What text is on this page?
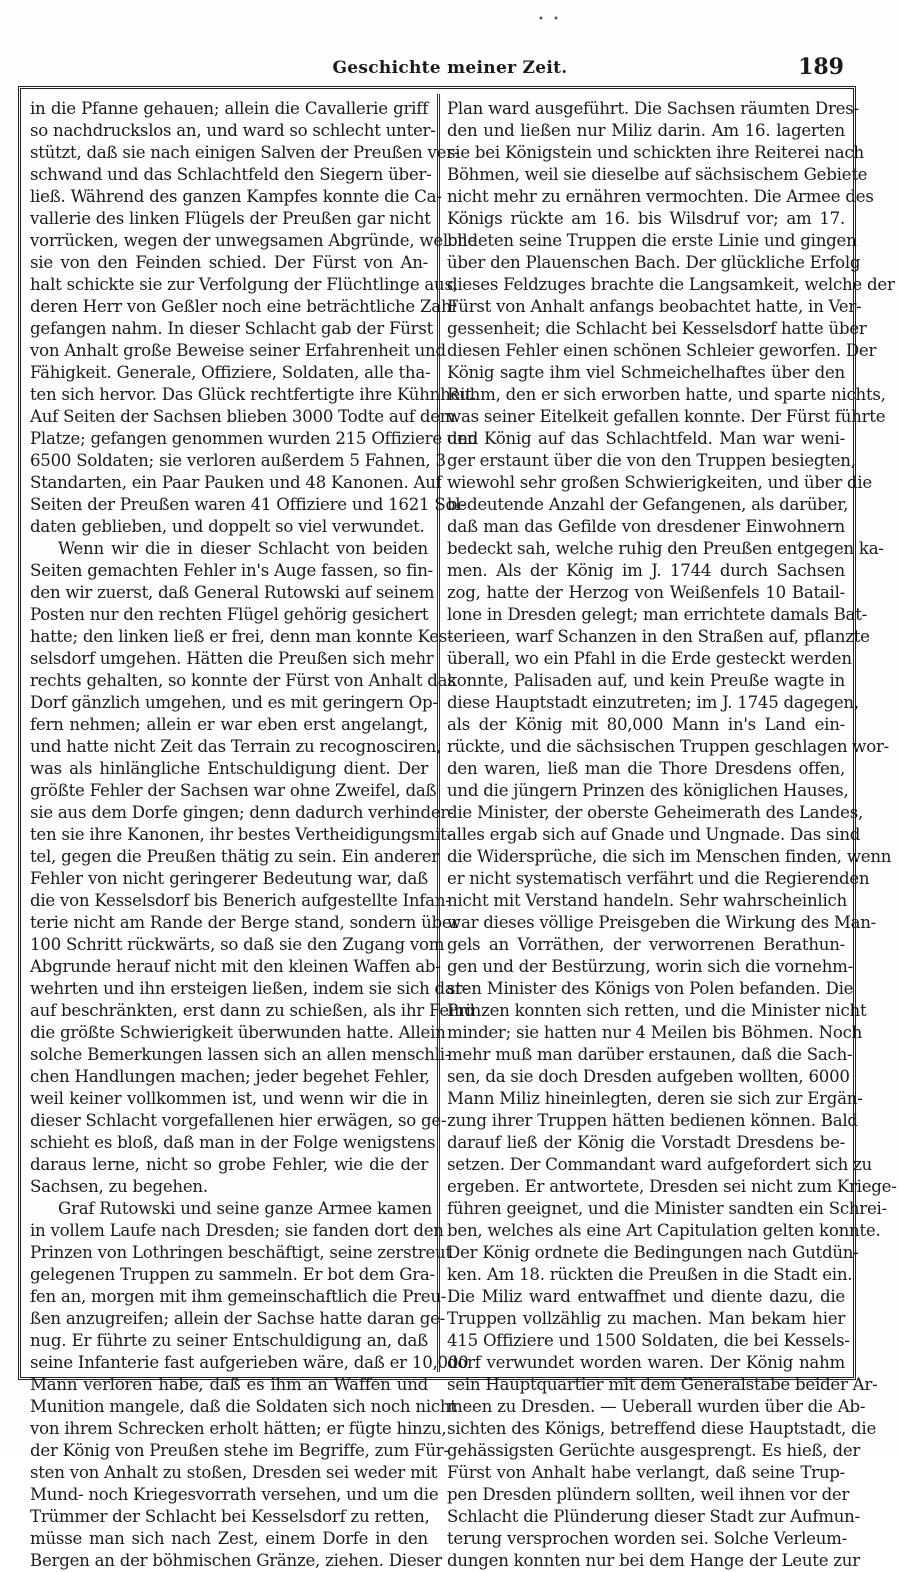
• •
Geschichte meiner Zeit.	189
in die Pfanne gehauen; allein die Cavallerie griff
so nachdruckslos an, und ward so schlecht unter-
stützt, daß sie nach einigen Salven der Preußen ver-
schwand und das Schlachtfeld den Siegern über-
ließ. Während des ganzen Kampfes konnte die Ca-
vallerie des linken Flügels der Preußen gar nicht
vorrücken, wegen der unwegsamen Abgründe, welche
sie von den Feinden schied. Der Fürst von An-
halt schickte sie zur Verfolgung der Flüchtlinge aus,
deren Herr von Geßler noch eine beträchtliche Zahl
gefangen nahm. In dieser Schlacht gab der Fürst
von Anhalt große Beweise seiner Erfahrenheit und
Fähigkeit. Generale, Offiziere, Soldaten, alle tha-
ten sich hervor. Das Glück rechtfertigte ihre Kühnheit.
Auf Seiten der Sachsen blieben 3000 Todte auf dem
Platze; gefangen genommen wurden 215 Offiziere und
6500 Soldaten; sie verloren außerdem 5 Fahnen, 3
Standarten, ein Paar Pauken und 48 Kanonen. Auf
Seiten der Preußen waren 41 Offiziere und 1621 Sol-
daten geblieben, und doppelt so viel verwundet.
Wenn wir die in dieser Schlacht von beiden
Seiten gemachten Fehler in's Auge fassen, so fin-
den wir zuerst, daß General Rutowski auf seinem
Posten nur den rechten Flügel gehörig gesichert
hatte; den linken ließ er frei, denn man konnte Kes-
selsdorf umgehen. Hätten die Preußen sich mehr
rechts gehalten, so konnte der Fürst von Anhalt das
Dorf gänzlich umgehen, und es mit geringern Op-
fern nehmen; allein er war eben erst angelangt,
und hatte nicht Zeit das Terrain zu recognosciren,
was als hinlängliche Entschuldigung dient. Der
größte Fehler der Sachsen war ohne Zweifel, daß
sie aus dem Dorfe gingen; denn dadurch verhinder-
ten sie ihre Kanonen, ihr bestes Vertheidigungsmit-
tel, gegen die Preußen thätig zu sein. Ein anderer
Fehler von nicht geringerer Bedeutung war, daß
die von Kesselsdorf bis Benerich aufgestellte Infan-
terie nicht am Rande der Berge stand, sondern über
100 Schritt rückwärts, so daß sie den Zugang vom
Abgrunde herauf nicht mit den kleinen Waffen ab-
wehrten und ihn ersteigen ließen, indem sie sich dar-
auf beschränkten, erst dann zu schießen, als ihr Feind
die größte Schwierigkeit überwunden hatte. Allein
solche Bemerkungen lassen sich an allen menschli-
chen Handlungen machen; jeder begehet Fehler,
weil keiner vollkommen ist, und wenn wir die in
dieser Schlacht vorgefallenen hier erwägen, so ge-
schieht es bloß, daß man in der Folge wenigstens
daraus lerne, nicht so grobe Fehler, wie die der
Sachsen, zu begehen.
Graf Rutowski und seine ganze Armee kamen
in vollem Laufe nach Dresden; sie fanden dort den
Prinzen von Lothringen beschäftigt, seine zerstreut
gelegenen Truppen zu sammeln. Er bot dem Gra-
fen an, morgen mit ihm gemeinschaftlich die Preu-
ßen anzugreifen; allein der Sachse hatte daran ge-
nug. Er führte zu seiner Entschuldigung an, daß
seine Infanterie fast aufgerieben wäre, daß er 10,000
Mann verloren habe, daß es ihm an Waffen und
Munition mangele, daß die Soldaten sich noch nicht
von ihrem Schrecken erholt hätten; er fügte hinzu,
der König von Preußen stehe im Begriffe, zum Für-
sten von Anhalt zu stoßen, Dresden sei weder mit
Mund- noch Kriegesvorrath versehen, und um die
Trümmer der Schlacht bei Kesselsdorf zu retten,
müsse man sich nach Zest, einem Dorfe in den
Bergen an der böhmischen Gränze, ziehen. Dieser
Plan ward ausgeführt. Die Sachsen räumten Dres-
den und ließen nur Miliz darin. Am 16. lagerten
sie bei Königstein und schickten ihre Reiterei nach
Böhmen, weil sie dieselbe auf sächsischem Gebiete
nicht mehr zu ernähren vermochten. Die Armee des
Königs rückte am 16. bis Wilsdruf vor; am 17.
bildeten seine Truppen die erste Linie und gingen
über den Plauenschen Bach. Der glückliche Erfolg
dieses Feldzuges brachte die Langsamkeit, welche der
Fürst von Anhalt anfangs beobachtet hatte, in Ver-
gessenheit; die Schlacht bei Kesselsdorf hatte über
diesen Fehler einen schönen Schleier geworfen. Der
König sagte ihm viel Schmeichelhaftes über den
Ruhm, den er sich erworben hatte, und sparte nichts,
was seiner Eitelkeit gefallen konnte. Der Fürst führte
den König auf das Schlachtfeld. Man war weni-
ger erstaunt über die von den Truppen besiegten,
wiewohl sehr großen Schwierigkeiten, und über die
bedeutende Anzahl der Gefangenen, als darüber,
daß man das Gefilde von dresdener Einwohnern
bedeckt sah, welche ruhig den Preußen entgegen ka-
men. Als der König im J. 1744 durch Sachsen
zog, hatte der Herzog von Weißenfels 10 Batail-
lone in Dresden gelegt; man errichtete damals Bat-
terieen, warf Schanzen in den Straßen auf, pflanzte
überall, wo ein Pfahl in die Erde gesteckt werden
konnte, Palisaden auf, und kein Preuße wagte in
diese Hauptstadt einzutreten; im J. 1745 dagegen,
als der König mit 80,000 Mann in's Land ein-
rückte, und die sächsischen Truppen geschlagen wor-
den waren, ließ man die Thore Dresdens offen,
und die jüngern Prinzen des königlichen Hauses,
die Minister, der oberste Geheimerath des Landes,
alles ergab sich auf Gnade und Ungnade. Das sind
die Widersprüche, die sich im Menschen finden, wenn
er nicht systematisch verfährt und die Regierenden
nicht mit Verstand handeln. Sehr wahrscheinlich
war dieses völlige Preisgeben die Wirkung des Man-
gels an Vorräthen, der verworrenen Berathun-
gen und der Bestürzung, worin sich die vornehm-
sten Minister des Königs von Polen befanden. Die
Prinzen konnten sich retten, und die Minister nicht
minder; sie hatten nur 4 Meilen bis Böhmen. Noch
mehr muß man darüber erstaunen, daß die Sach-
sen, da sie doch Dresden aufgeben wollten, 6000
Mann Miliz hineinlegten, deren sie sich zur Ergän-
zung ihrer Truppen hätten bedienen können. Bald
darauf ließ der König die Vorstadt Dresdens be-
setzen. Der Commandant ward aufgefordert sich zu
ergeben. Er antwortete, Dresden sei nicht zum Kriege-
führen geeignet, und die Minister sandten ein Schrei-
ben, welches als eine Art Capitulation gelten konnte.
Der König ordnete die Bedingungen nach Gutdün-
ken. Am 18. rückten die Preußen in die Stadt ein.
Die Miliz ward entwaffnet und diente dazu, die
Truppen vollzählig zu machen. Man bekam hier
415 Offiziere und 1500 Soldaten, die bei Kessels-
dorf verwundet worden waren. Der König nahm
sein Hauptquartier mit dem Generalstabe beider Ar-
meen zu Dresden. — Ueberall wurden über die Ab-
sichten des Königs, betreffend diese Hauptstadt, die
gehässigsten Gerüchte ausgesprengt. Es hieß, der
Fürst von Anhalt habe verlangt, daß seine Trup-
pen Dresden plündern sollten, weil ihnen vor der
Schlacht die Plünderung dieser Stadt zur Aufmun-
terung versprochen worden sei. Solche Verleum-
dungen konnten nur bei dem Hange der Leute zur
